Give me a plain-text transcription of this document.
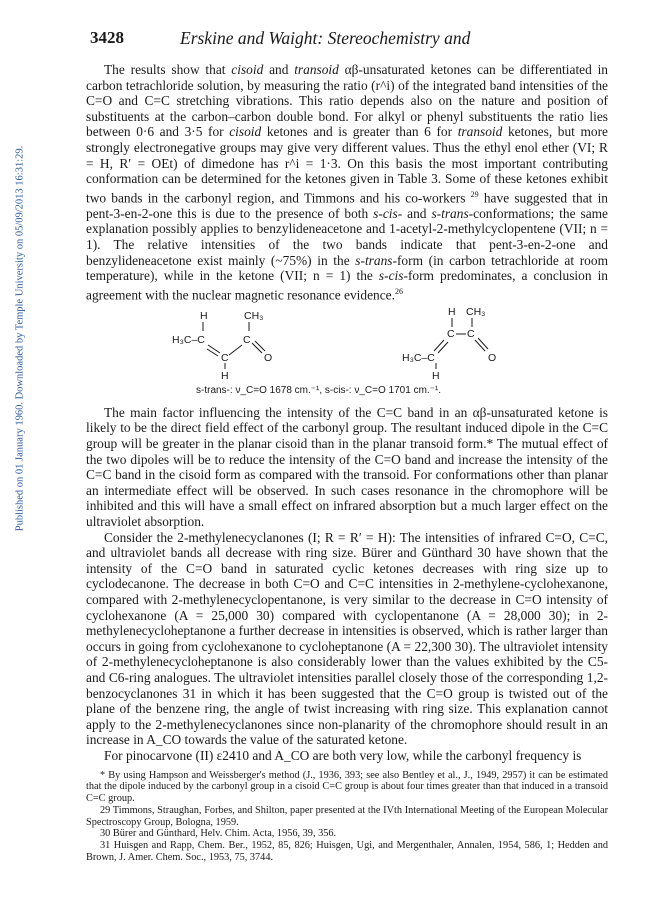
Published on 01 January 1960. Downloaded by Temple University on 05/09/2013 16:31:29.
3428	Erskine and Waight: Stereochemistry and

The results show that cisoid and transoid αβ-unsaturated ketones can be differentiated in carbon tetrachloride solution, by measuring the ratio (r^i) of the integrated band intensities of the C=O and C=C stretching vibrations. This ratio depends also on the nature and position of substituents at the carbon–carbon double bond. For alkyl or phenyl substituents the ratio lies between 0·6 and 3·5 for cisoid ketones and is greater than 6 for transoid ketones, but more strongly electronegative groups may give very different values. Thus the ethyl enol ether (VI; R = H, R′ = OEt) of dimedone has r^i = 1·3. On this basis the most important contributing conformation can be determined for the ketones given in Table 3. Some of these ketones exhibit two bands in the carbonyl region, and Timmons and his co-workers $^{29}$ have suggested that in pent-3-en-2-one this is due to the presence of both s-cis- and s-trans-conformations; the same explanation possibly applies to benzylideneacetone and 1-acetyl-2-methylcyclopentene (VII; n = 1). The relative intensities of the two bands indicate that pent-3-en-2-one and benzylideneacetone exist mainly (~75%) in the s-trans-form (in carbon tetrachloride at room temperature), while in the ketone (VII; n = 1) the s-cis-form predominates, a conclusion in agreement with the nuclear magnetic resonance evidence.$^{26}$

H	CH₃
H₃C–C
C
C
O
H
H CH₃
C C
H₃C–C	O
H
s-trans-: ν_C=O 1678 cm.⁻¹, s-cis-: ν_C=O 1701 cm.⁻¹.

The main factor influencing the intensity of the C=C band in an αβ-unsaturated ketone is likely to be the direct field effect of the carbonyl group. The resultant induced dipole in the C=C group will be greater in the planar cisoid than in the planar transoid form.* The mutual effect of the two dipoles will be to reduce the intensity of the C=O band and increase the intensity of the C=C band in the cisoid form as compared with the transoid. For conformations other than planar an intermediate effect will be observed. In such cases resonance in the chromophore will be inhibited and this will have a small effect on infrared absorption but a much larger effect on the ultraviolet absorption.

Consider the 2-methylenecyclanones (I; R = R′ = H): The intensities of infrared C=O, C=C, and ultraviolet bands all decrease with ring size. Bürer and Günthard 30 have shown that the intensity of the C=O band in saturated cyclic ketones decreases with ring size up to cyclodecanone. The decrease in both C=O and C=C intensities in 2-methylene-cyclohexanone, compared with 2-methylenecyclopentanone, is very similar to the decrease in C=O intensity of cyclohexanone (A = 25,000 30) compared with cyclopentanone (A = 28,000 30); in 2-methylenecycloheptanone a further decrease in intensities is observed, which is rather larger than occurs in going from cyclohexanone to cycloheptanone (A = 22,300 30). The ultraviolet intensity of 2-methylenecycloheptanone is also considerably lower than the values exhibited by the C5- and C6-ring analogues. The ultraviolet intensities parallel closely those of the corresponding 1,2-benzocyclanones 31 in which it has been suggested that the C=O group is twisted out of the plane of the benzene ring, the angle of twist increasing with ring size. This explanation cannot apply to the 2-methylenecyclanones since non-planarity of the chromophore should result in an increase in A_CO towards the value of the saturated ketone.

For pinocarvone (II) ε2410 and A_CO are both very low, while the carbonyl frequency is

* By using Hampson and Weissberger's method (J., 1936, 393; see also Bentley et al., J., 1949, 2957) it can be estimated that the dipole induced by the carbonyl group in a cisoid C=C group is about four times greater than that induced in a transoid C=C group.
29 Timmons, Straughan, Forbes, and Shilton, paper presented at the IVth International Meeting of the European Molecular Spectroscopy Group, Bologna, 1959.
30 Bürer and Günthard, Helv. Chim. Acta, 1956, 39, 356.
31 Huisgen and Rapp, Chem. Ber., 1952, 85, 826; Huisgen, Ugi, and Mergenthaler, Annalen, 1954, 586, 1; Hedden and Brown, J. Amer. Chem. Soc., 1953, 75, 3744.
